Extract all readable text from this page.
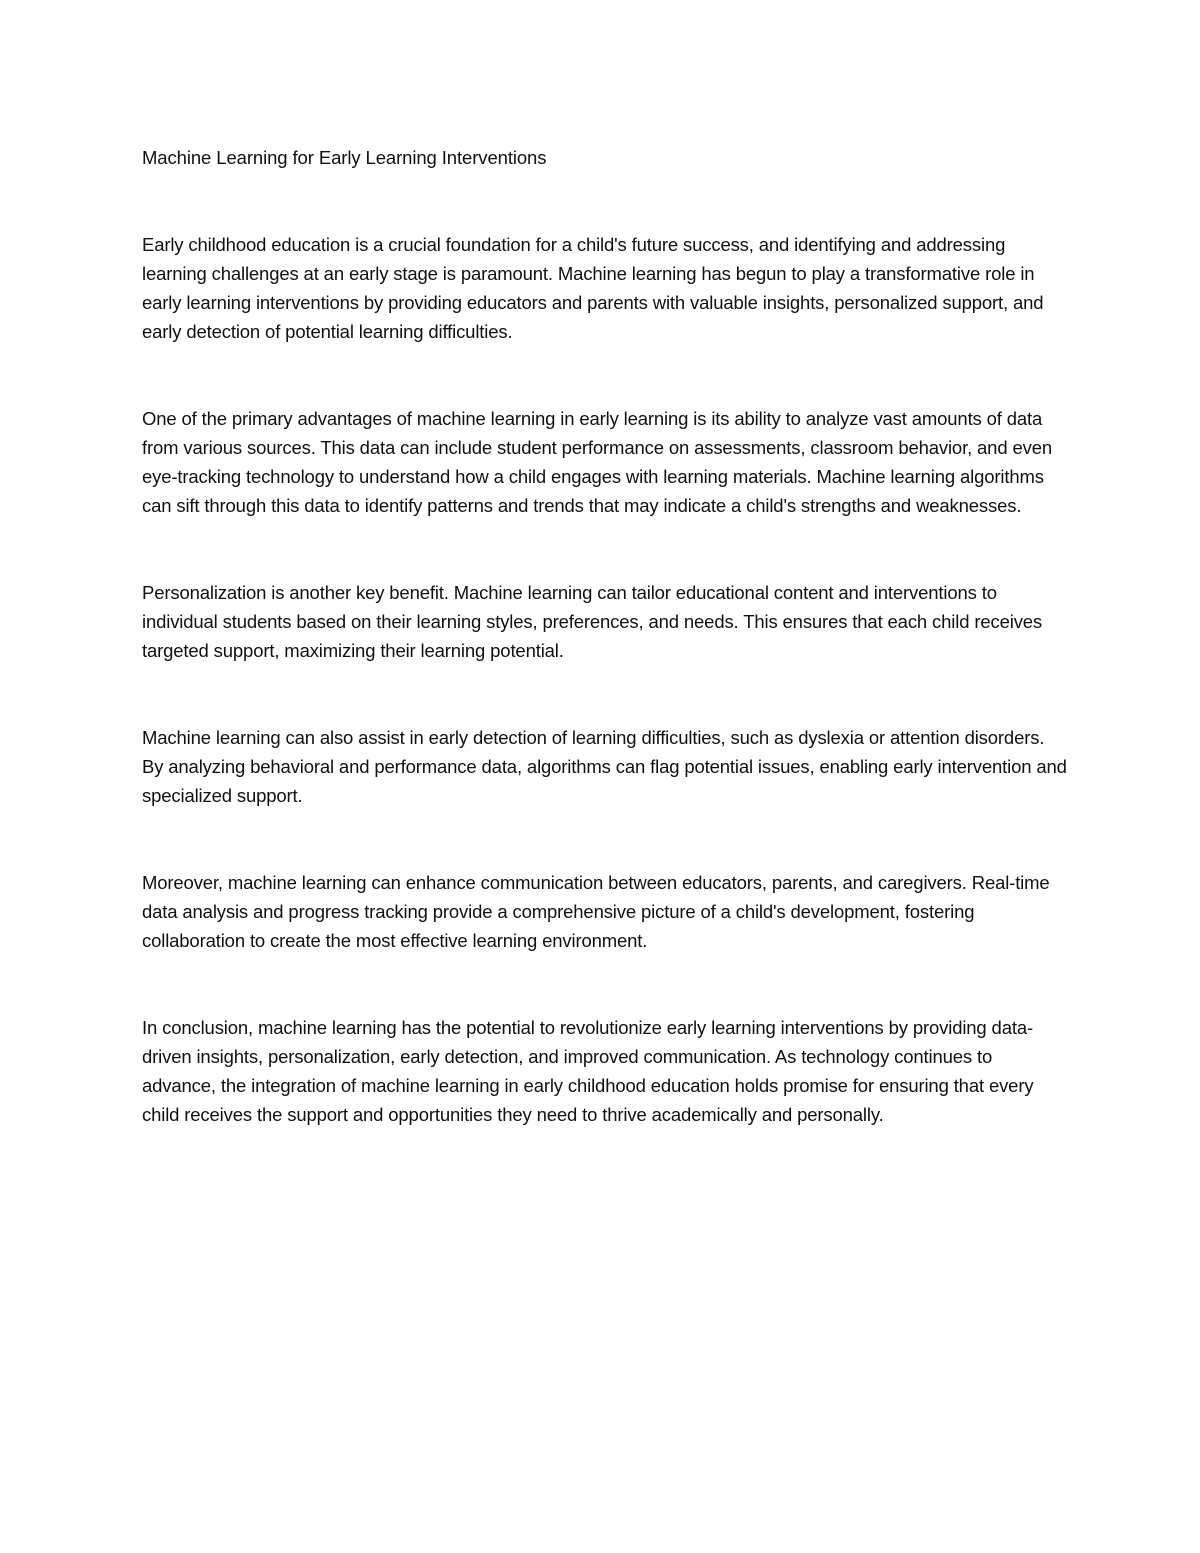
Machine Learning for Early Learning Interventions

Early childhood education is a crucial foundation for a child's future success, and identifying and addressing learning challenges at an early stage is paramount. Machine learning has begun to play a transformative role in early learning interventions by providing educators and parents with valuable insights, personalized support, and early detection of potential learning difficulties.

One of the primary advantages of machine learning in early learning is its ability to analyze vast amounts of data from various sources. This data can include student performance on assessments, classroom behavior, and even eye-tracking technology to understand how a child engages with learning materials. Machine learning algorithms can sift through this data to identify patterns and trends that may indicate a child's strengths and weaknesses.

Personalization is another key benefit. Machine learning can tailor educational content and interventions to individual students based on their learning styles, preferences, and needs. This ensures that each child receives targeted support, maximizing their learning potential.

Machine learning can also assist in early detection of learning difficulties, such as dyslexia or attention disorders. By analyzing behavioral and performance data, algorithms can flag potential issues, enabling early intervention and specialized support.

Moreover, machine learning can enhance communication between educators, parents, and caregivers. Real-time data analysis and progress tracking provide a comprehensive picture of a child's development, fostering collaboration to create the most effective learning environment.

In conclusion, machine learning has the potential to revolutionize early learning interventions by providing data-driven insights, personalization, early detection, and improved communication. As technology continues to advance, the integration of machine learning in early childhood education holds promise for ensuring that every child receives the support and opportunities they need to thrive academically and personally.
